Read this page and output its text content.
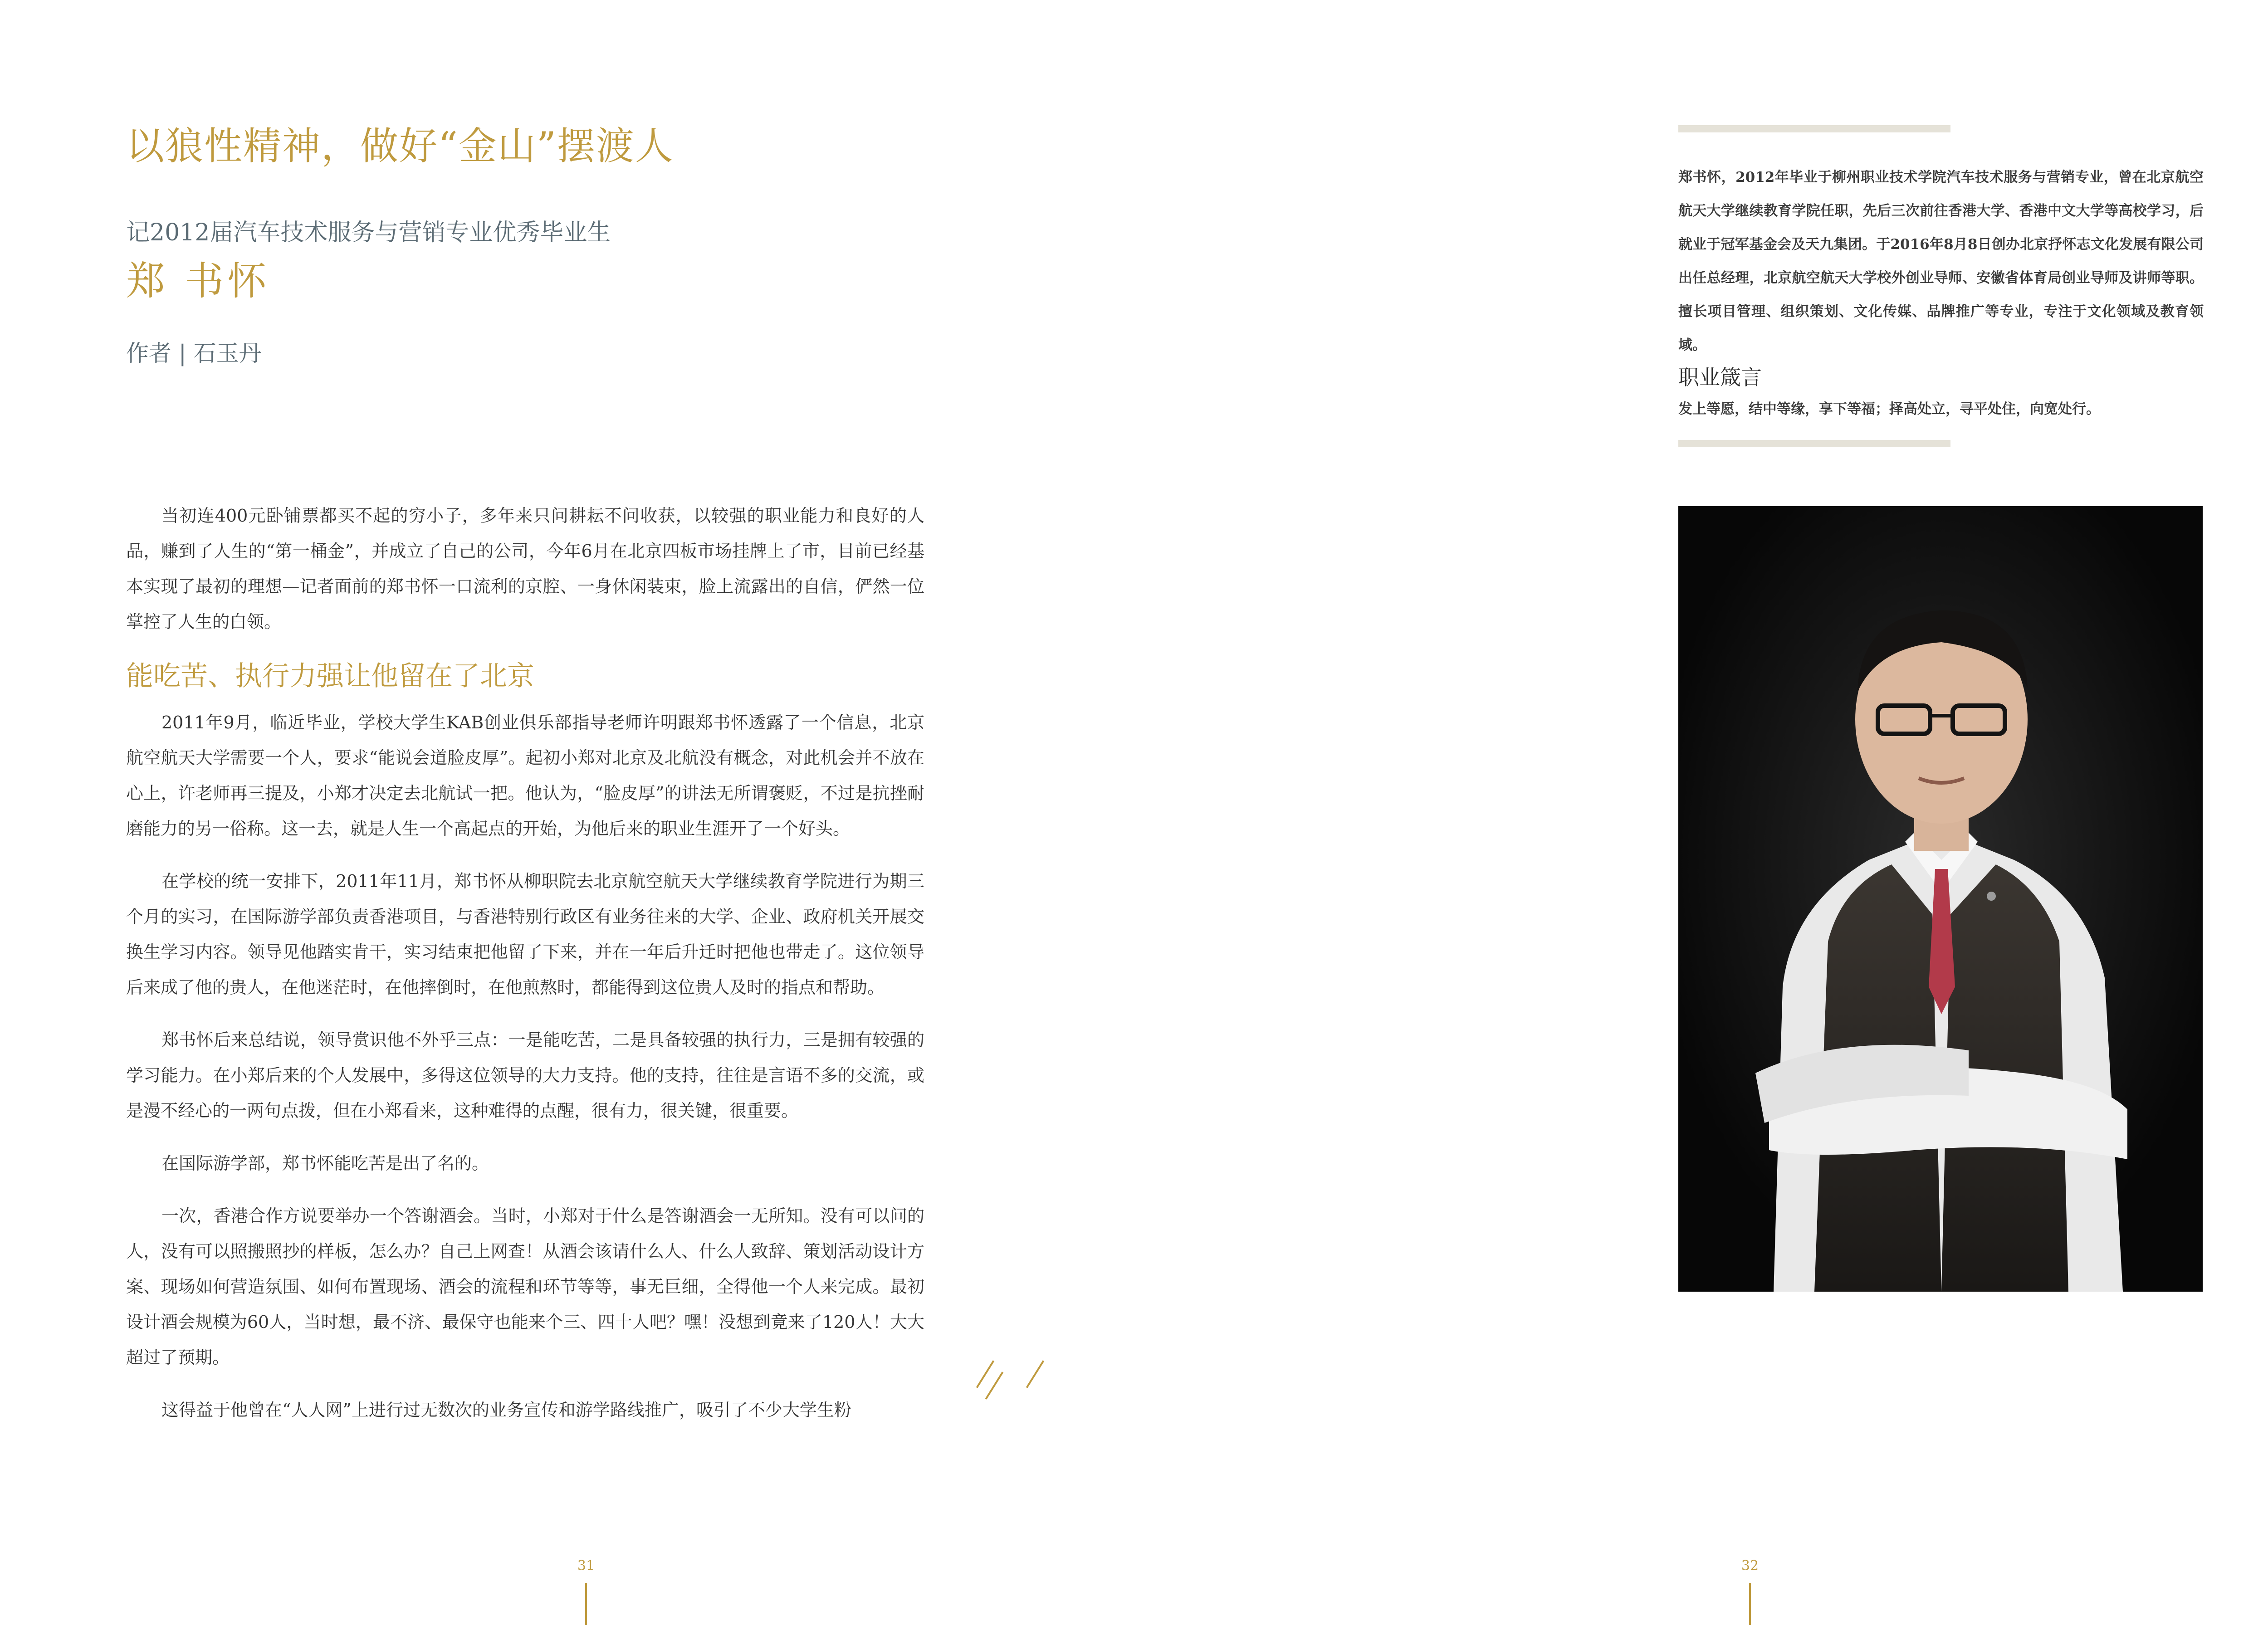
以狼性精神，做好“金山”摆渡人
记2012届汽车技术服务与营销专业优秀毕业生
郑 书怀
作者 | 石玉丹

当初连400元卧铺票都买不起的穷小子，多年来只问耕耘不问收获，以较强的职业能力和良好的人品，赚到了人生的“第一桶金”，并成立了自己的公司，今年6月在北京四板市场挂牌上了市，目前已经基本实现了最初的理想—记者面前的郑书怀一口流利的京腔、一身休闲装束，脸上流露出的自信，俨然一位掌控了人生的白领。

能吃苦、执行力强让他留在了北京

2011年9月，临近毕业，学校大学生KAB创业俱乐部指导老师许明跟郑书怀透露了一个信息，北京航空航天大学需要一个人，要求“能说会道脸皮厚”。起初小郑对北京及北航没有概念，对此机会并不放在心上，许老师再三提及，小郑才决定去北航试一把。他认为，“脸皮厚”的讲法无所谓褒贬，不过是抗挫耐磨能力的另一俗称。这一去，就是人生一个高起点的开始，为他后来的职业生涯开了一个好头。

在学校的统一安排下，2011年11月，郑书怀从柳职院去北京航空航天大学继续教育学院进行为期三个月的实习，在国际游学部负责香港项目，与香港特别行政区有业务往来的大学、企业、政府机关开展交换生学习内容。领导见他踏实肯干，实习结束把他留了下来，并在一年后升迁时把他也带走了。这位领导后来成了他的贵人，在他迷茫时，在他摔倒时，在他煎熬时，都能得到这位贵人及时的指点和帮助。

郑书怀后来总结说，领导赏识他不外乎三点：一是能吃苦，二是具备较强的执行力，三是拥有较强的学习能力。在小郑后来的个人发展中，多得这位领导的大力支持。他的支持，往往是言语不多的交流，或是漫不经心的一两句点拨，但在小郑看来，这种难得的点醒，很有力，很关键，很重要。

在国际游学部，郑书怀能吃苦是出了名的。

一次，香港合作方说要举办一个答谢酒会。当时，小郑对于什么是答谢酒会一无所知。没有可以问的人，没有可以照搬照抄的样板，怎么办？自己上网查！从酒会该请什么人、什么人致辞、策划活动设计方案、现场如何营造氛围、如何布置现场、酒会的流程和环节等等，事无巨细，全得他一个人来完成。最初设计酒会规模为60人，当时想，最不济、最保守也能来个三、四十人吧？嘿！没想到竟来了120人！大大超过了预期。

这得益于他曾在“人人网”上进行过无数次的业务宣传和游学路线推广，吸引了不少大学生粉

31

郑书怀，2012年毕业于柳州职业技术学院汽车技术服务与营销专业，曾在北京航空航天大学继续教育学院任职，先后三次前往香港大学、香港中文大学等高校学习，后就业于冠军基金会及天九集团。于2016年8月8日创办北京抒怀志文化发展有限公司出任总经理，北京航空航天大学校外创业导师、安徽省体育局创业导师及讲师等职。擅长项目管理、组织策划、文化传媒、品牌推广等专业，专注于文化领域及教育领域。

职业箴言
发上等愿，结中等缘，享下等福；择高处立，寻平处住，向宽处行。
32
